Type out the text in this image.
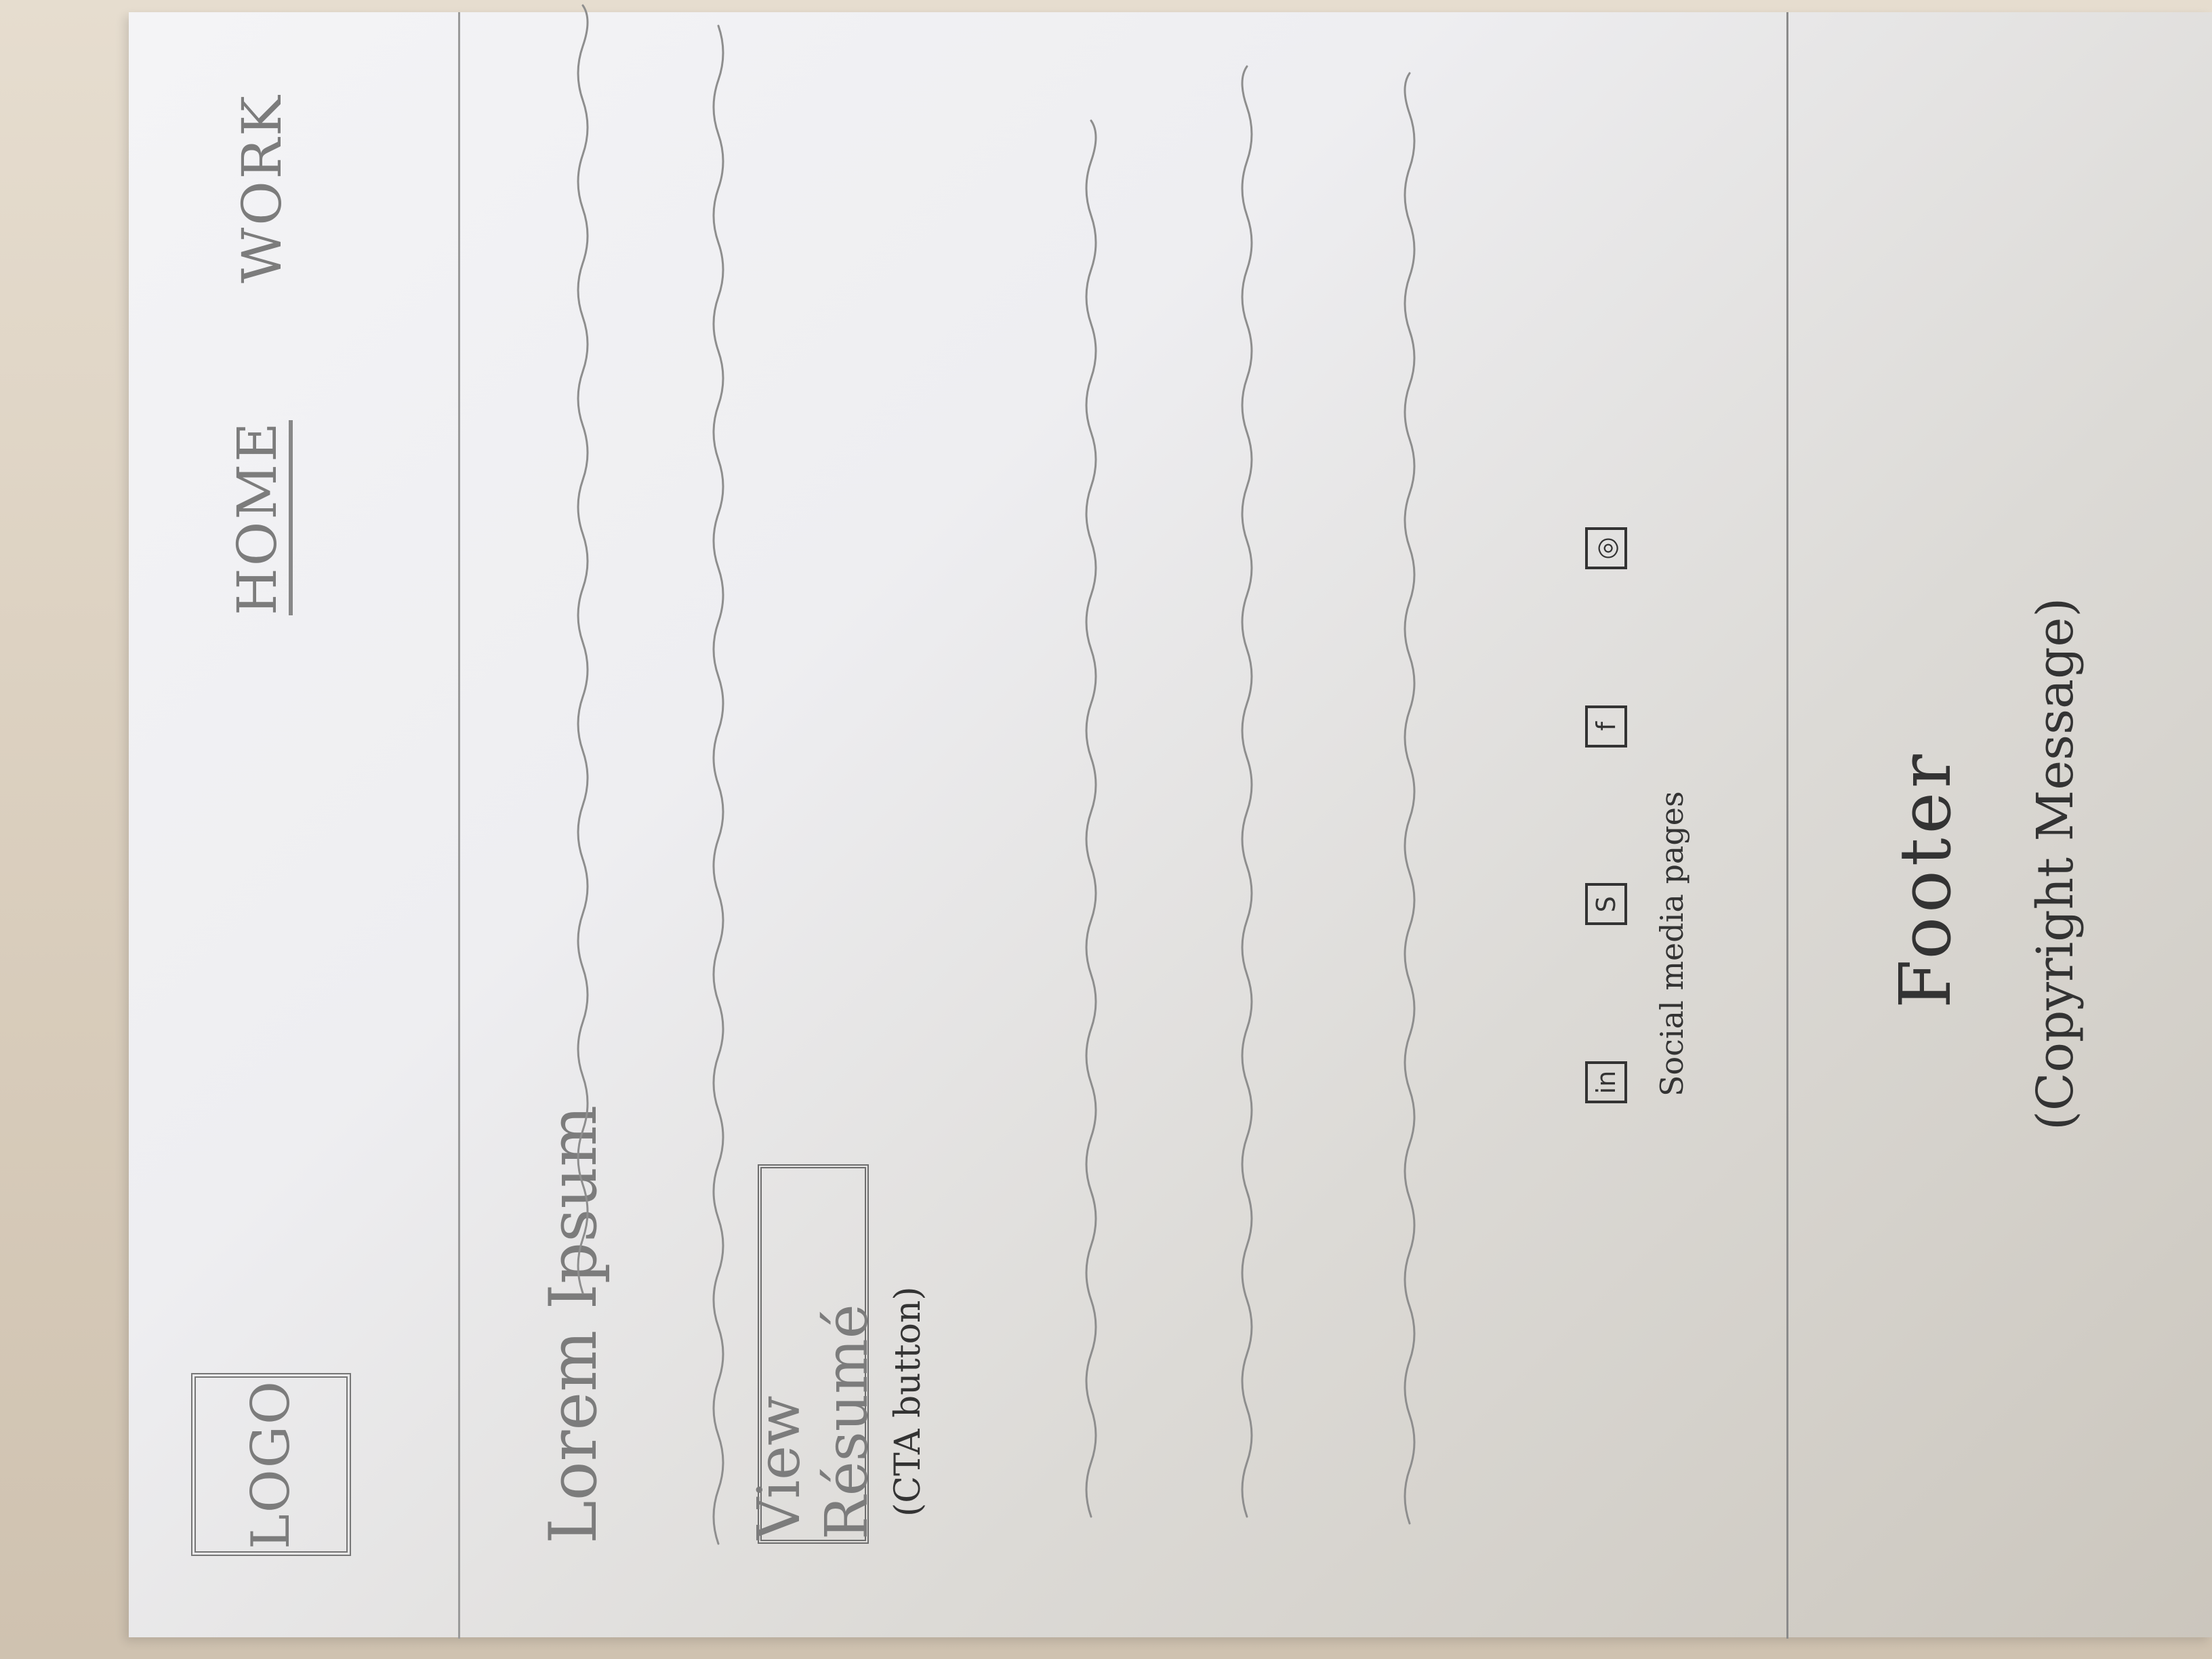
LOGO
HOME
WORK
Lorem Ipsum View Résumé (CTA button)
in
S
f
◎
Social media pages	Footer (Copyright Message)
